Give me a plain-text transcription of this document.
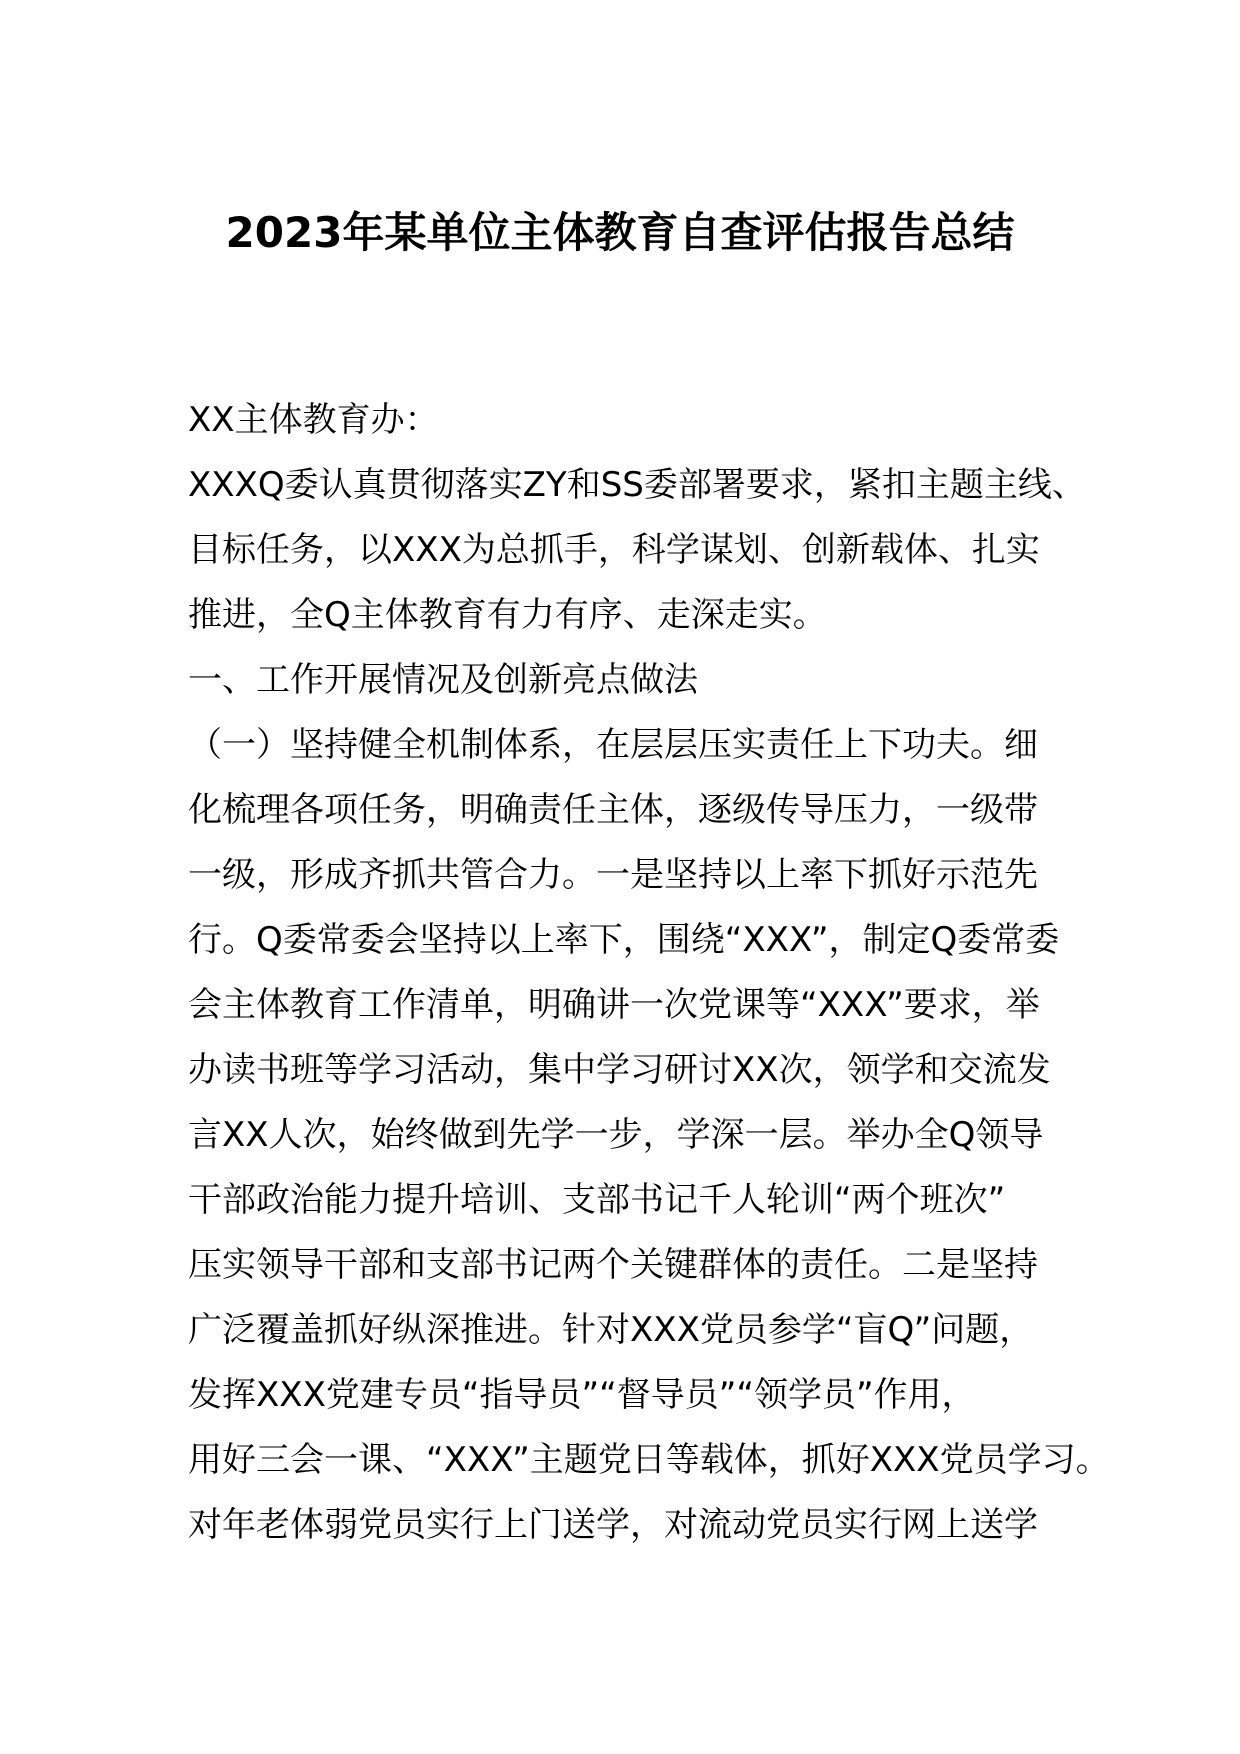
2023年某单位主体教育自查评估报告总结
XX主体教育办：
XXXQ委认真贯彻落实ZY和SS委部署要求，紧扣主题主线、
目标任务，以XXX为总抓手，科学谋划、创新载体、扎实
推进，全Q主体教育有力有序、走深走实。
一、工作开展情况及创新亮点做法
（一）坚持健全机制体系，在层层压实责任上下功夫。细
化梳理各项任务，明确责任主体，逐级传导压力，一级带
一级，形成齐抓共管合力。一是坚持以上率下抓好示范先
行。Q委常委会坚持以上率下，围绕“XXX”，制定Q委常委
会主体教育工作清单，明确讲一次党课等“XXX”要求，举
办读书班等学习活动，集中学习研讨XX次，领学和交流发
言XX人次，始终做到先学一步，学深一层。举办全Q领导
干部政治能力提升培训、支部书记千人轮训“两个班次”
压实领导干部和支部书记两个关键群体的责任。二是坚持
广泛覆盖抓好纵深推进。针对XXX党员参学“盲Q”问题，
发挥XXX党建专员“指导员”“督导员”“领学员”作用，
用好三会一课、“XXX”主题党日等载体，抓好XXX党员学习。
对年老体弱党员实行上门送学，对流动党员实行网上送学
